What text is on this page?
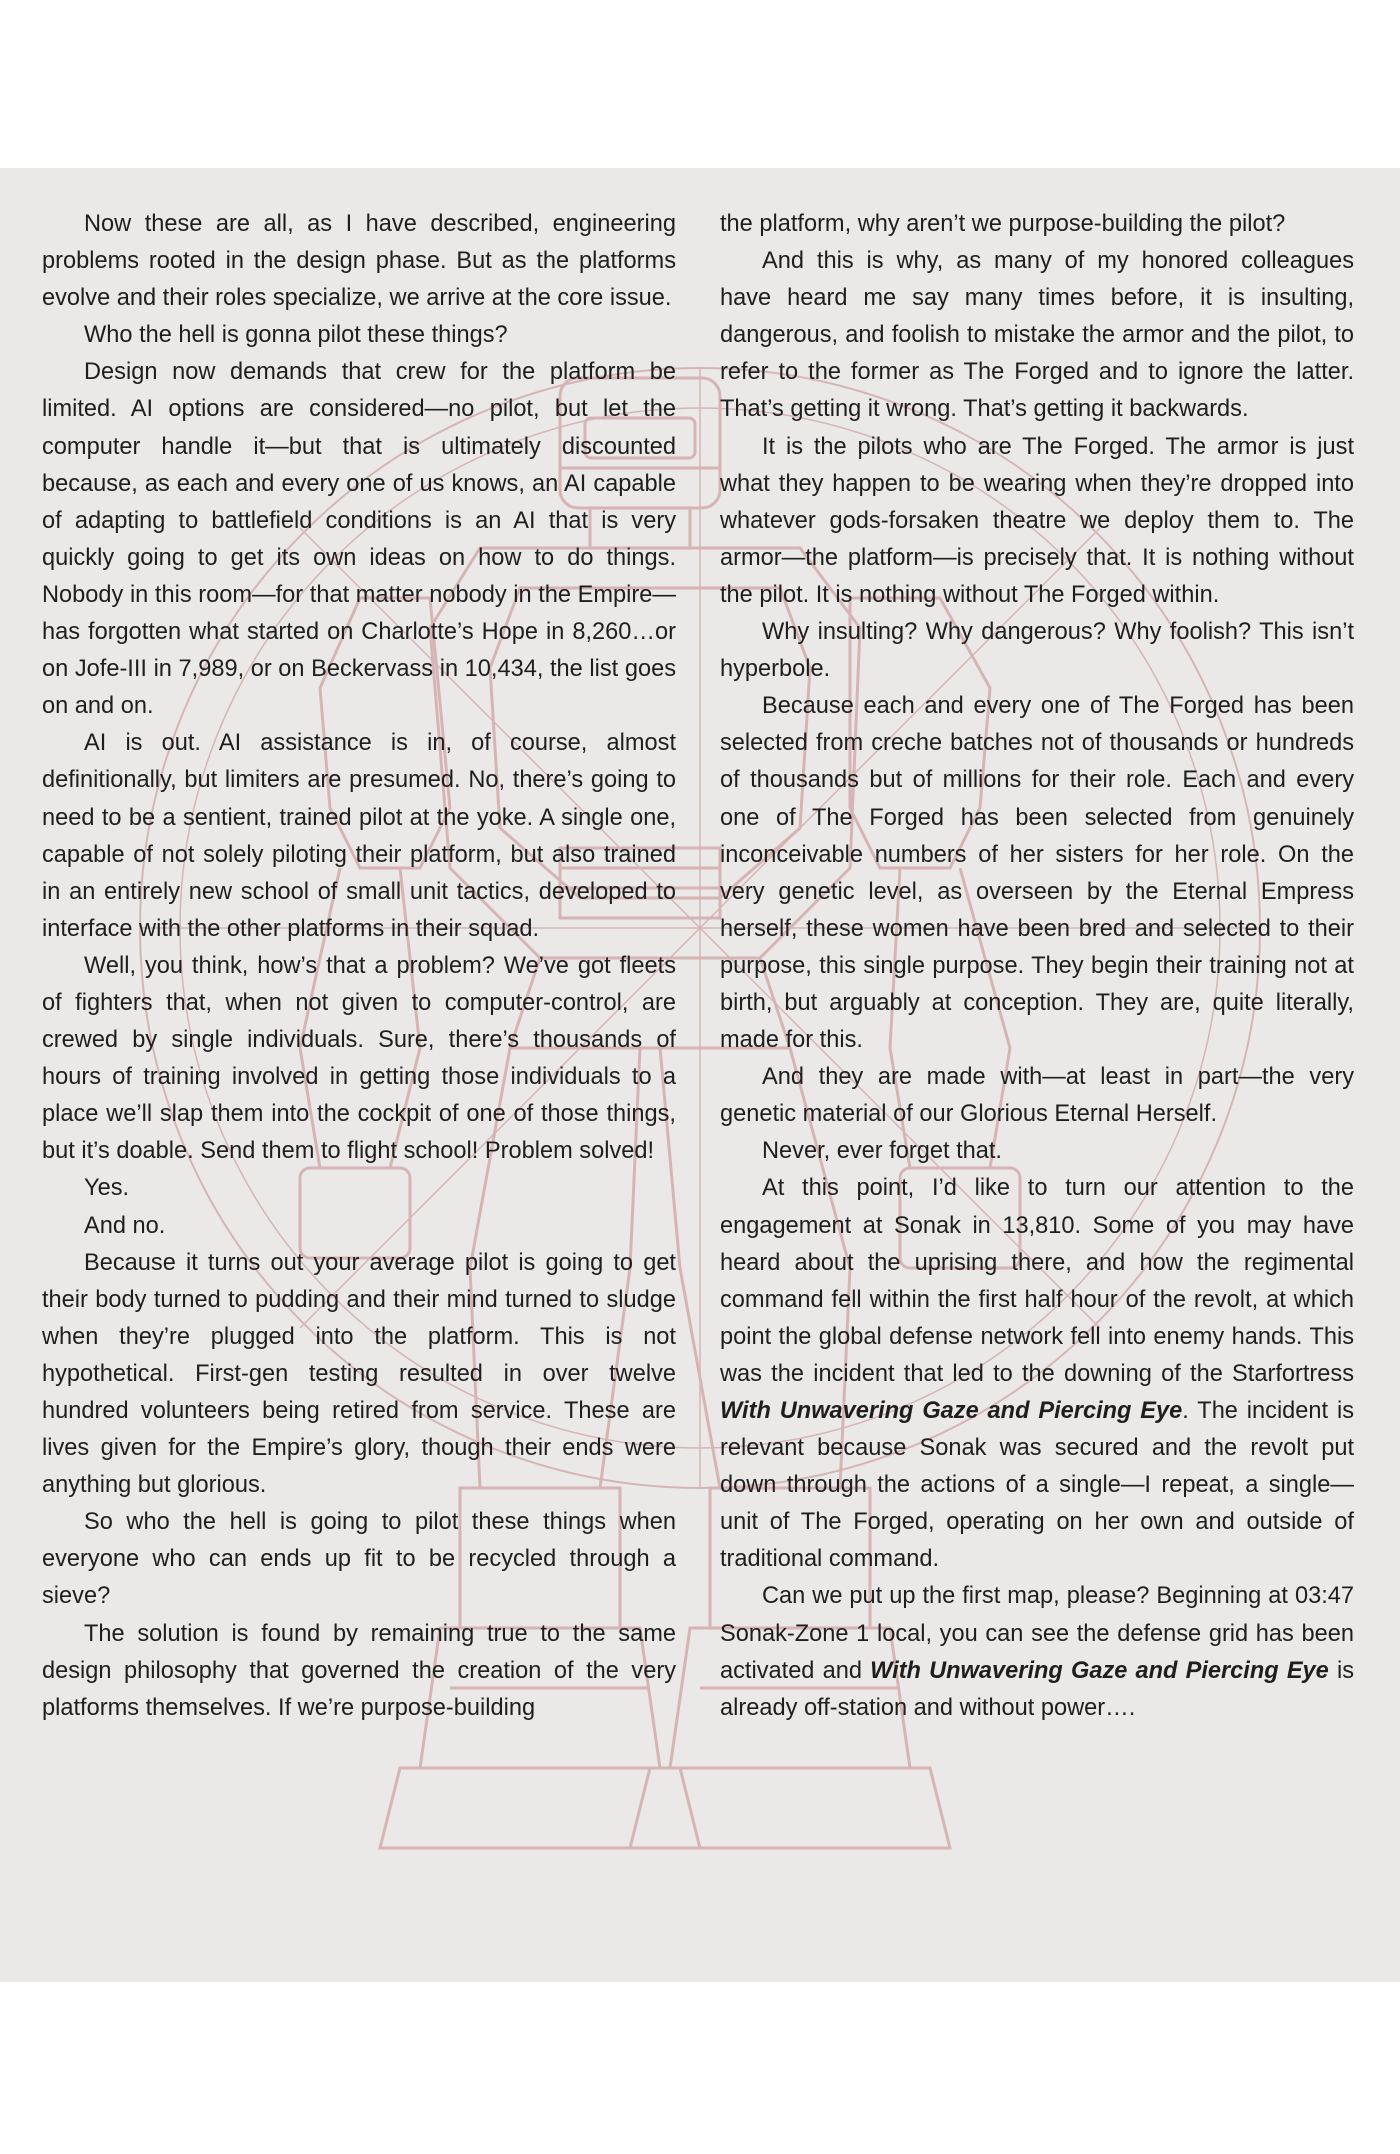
Now these are all, as I have described, engineering problems rooted in the design phase. But as the platforms evolve and their roles specialize, we arrive at the core issue.

Who the hell is gonna pilot these things?

Design now demands that crew for the platform be limited. AI options are considered—no pilot, but let the computer handle it—but that is ultimately discounted because, as each and every one of us knows, an AI capable of adapting to battlefield conditions is an AI that is very quickly going to get its own ideas on how to do things. Nobody in this room—for that matter nobody in the Empire—has forgotten what started on Charlotte’s Hope in 8,260…or on Jofe-III in 7,989, or on Beckervass in 10,434, the list goes on and on.

AI is out. AI assistance is in, of course, almost definitionally, but limiters are presumed. No, there’s going to need to be a sentient, trained pilot at the yoke. A single one, capable of not solely piloting their platform, but also trained in an entirely new school of small unit tactics, developed to interface with the other platforms in their squad.

Well, you think, how’s that a problem? We’ve got fleets of fighters that, when not given to computer-control, are crewed by single individuals. Sure, there’s thousands of hours of training involved in getting those individuals to a place we’ll slap them into the cockpit of one of those things, but it’s doable. Send them to flight school! Problem solved!

Yes.

And no.

Because it turns out your average pilot is going to get their body turned to pudding and their mind turned to sludge when they’re plugged into the platform. This is not hypothetical. First-gen testing resulted in over twelve hundred volunteers being retired from service. These are lives given for the Empire’s glory, though their ends were anything but glorious.

So who the hell is going to pilot these things when everyone who can ends up fit to be recycled through a sieve?

The solution is found by remaining true to the same design philosophy that governed the creation of the very platforms themselves. If we’re purpose-building

the platform, why aren’t we purpose-building the pilot?

And this is why, as many of my honored colleagues have heard me say many times before, it is insulting, dangerous, and foolish to mistake the armor and the pilot, to refer to the former as The Forged and to ignore the latter. That’s getting it wrong. That’s getting it backwards.

It is the pilots who are The Forged. The armor is just what they happen to be wearing when they’re dropped into whatever gods-forsaken theatre we deploy them to. The armor—the platform—is precisely that. It is nothing without the pilot. It is nothing without The Forged within.

Why insulting? Why dangerous? Why foolish? This isn’t hyperbole.

Because each and every one of The Forged has been selected from creche batches not of thousands or hundreds of thousands but of millions for their role. Each and every one of The Forged has been selected from genuinely inconceivable numbers of her sisters for her role. On the very genetic level, as overseen by the Eternal Empress herself, these women have been bred and selected to their purpose, this single purpose. They begin their training not at birth, but arguably at conception. They are, quite literally, made for this.

And they are made with—at least in part—the very genetic material of our Glorious Eternal Herself.

Never, ever forget that.

At this point, I’d like to turn our attention to the engagement at Sonak in 13,810. Some of you may have heard about the uprising there, and how the regimental command fell within the first half hour of the revolt, at which point the global defense network fell into enemy hands. This was the incident that led to the downing of the Starfortress With Unwavering Gaze and Piercing Eye. The incident is relevant because Sonak was secured and the revolt put down through the actions of a single—I repeat, a single—unit of The Forged, operating on her own and outside of traditional command.

Can we put up the first map, please? Beginning at 03:47 Sonak-Zone 1 local, you can see the defense grid has been activated and With Unwavering Gaze and Piercing Eye is already off-station and without power….
